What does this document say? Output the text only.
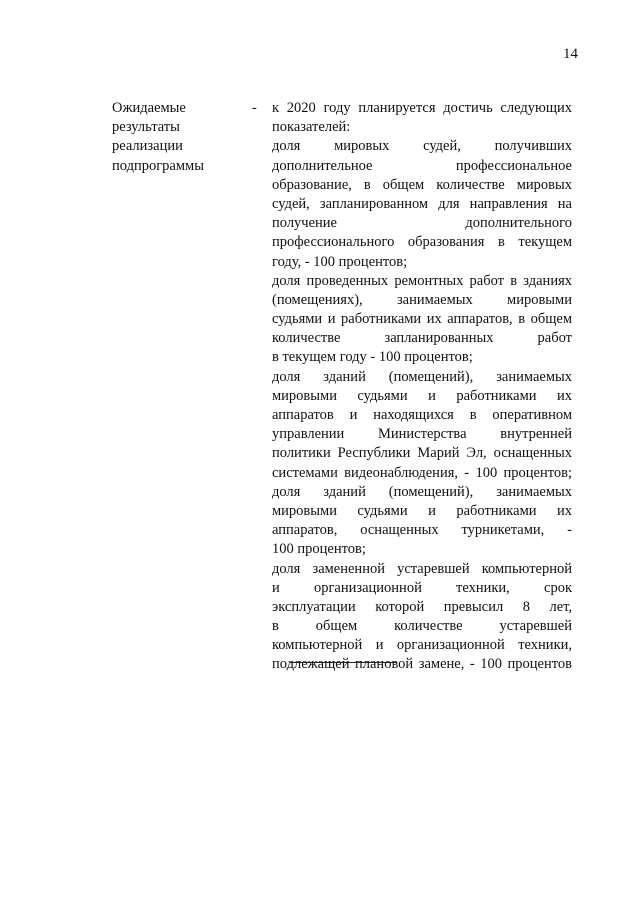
14
Ожидаемые
результаты
реализации
подпрограммы
- к 2020 году планируется достичь следующих
показателей:
доля мировых судей, получивших
дополнительное профессиональное
образование, в общем количестве мировых
судей, запланированном для направления на
получение дополнительного
профессионального образования в текущем
году, - 100 процентов;
доля проведенных ремонтных работ в зданиях
(помещениях), занимаемых мировыми
судьями и работниками их аппаратов, в общем
количестве запланированных работ
в текущем году - 100 процентов;
доля зданий (помещений), занимаемых
мировыми судьями и работниками их
аппаратов и находящихся в оперативном
управлении Министерства внутренней
политики Республики Марий Эл, оснащенных
системами видеонаблюдения, - 100 процентов;
доля зданий (помещений), занимаемых
мировыми судьями и работниками их
аппаратов, оснащенных турникетами, -
100 процентов;
доля замененной устаревшей компьютерной
и организационной техники, срок
эксплуатации которой превысил 8 лет,
в общем количестве устаревшей
компьютерной и организационной техники,
подлежащей плановой замене, - 100 процентов
